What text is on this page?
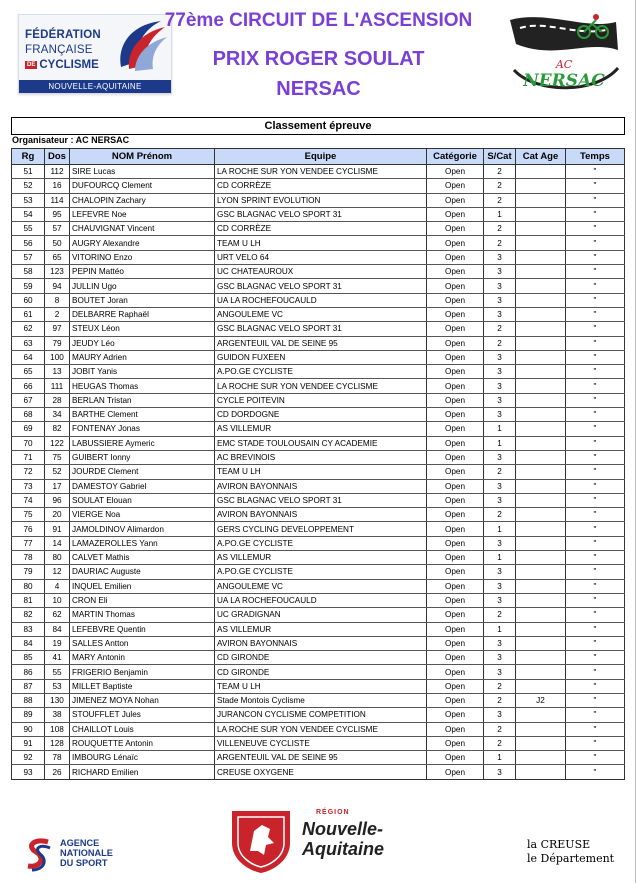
FÉDÉRATION
FRANÇAISE
DE CYCLISME
NOUVELLE-AQUITAINE
77ème CIRCUIT DE L'ASCENSION
PRIX ROGER SOULAT
NERSAC
AC
NERSAC
Classement épreuve
Organisateur : AC NERSAC
Rg	Dos	NOM Prénom	Equipe	Catégorie	S/Cat	Cat Age	Temps
51	112	SIRE Lucas	LA ROCHE SUR YON VENDEE CYCLISME	Open	2		"
52	16	DUFOURCQ Clement	CD CORRÈZE	Open	2		"
53	114	CHALOPIN Zachary	LYON SPRINT EVOLUTION	Open	2		"
54	95	LEFEVRE Noe	GSC BLAGNAC VELO SPORT 31	Open	1		"
55	57	CHAUVIGNAT Vincent	CD CORRÈZE	Open	2		"
56	50	AUGRY Alexandre	TEAM U LH	Open	2		"
57	65	VITORINO Enzo	URT VELO 64	Open	3		"
58	123	PEPIN Mattéo	UC CHATEAUROUX	Open	3		"
59	94	JULLIN Ugo	GSC BLAGNAC VELO SPORT 31	Open	3		"
60	8	BOUTET Joran	UA LA ROCHEFOUCAULD	Open	3		"
61	2	DELBARRE Raphaël	ANGOULEME VC	Open	3		"
62	97	STEUX Léon	GSC BLAGNAC VELO SPORT 31	Open	2		"
63	79	JEUDY Léo	ARGENTEUIL VAL DE SEINE 95	Open	2		"
64	100	MAURY Adrien	GUIDON FUXEEN	Open	3		"
65	13	JOBIT Yanis	A.PO.GE CYCLISTE	Open	3		"
66	111	HEUGAS Thomas	LA ROCHE SUR YON VENDEE CYCLISME	Open	3		"
67	28	BERLAN Tristan	CYCLE POITEVIN	Open	3		"
68	34	BARTHE Clement	CD DORDOGNE	Open	3		"
69	82	FONTENAY Jonas	AS VILLEMUR	Open	1		"
70	122	LABUSSIERE Aymeric	EMC STADE TOULOUSAIN CY ACADEMIE	Open	1		"
71	75	GUIBERT Ionny	AC BREVINOIS	Open	3		"
72	52	JOURDE Clement	TEAM U LH	Open	2		"
73	17	DAMESTOY Gabriel	AVIRON BAYONNAIS	Open	3		"
74	96	SOULAT Elouan	GSC BLAGNAC VELO SPORT 31	Open	3		"
75	20	VIERGE Noa	AVIRON BAYONNAIS	Open	2		"
76	91	JAMOLDINOV Alimardon	GERS CYCLING DEVELOPPEMENT	Open	1		"
77	14	LAMAZEROLLES Yann	A.PO.GE CYCLISTE	Open	3		"
78	80	CALVET Mathis	AS VILLEMUR	Open	1		"
79	12	DAURIAC Auguste	A.PO.GE CYCLISTE	Open	3		"
80	4	INQUEL Emilien	ANGOULEME VC	Open	3		"
81	10	CRON Eli	UA LA ROCHEFOUCAULD	Open	3		"
82	62	MARTIN Thomas	UC GRADIGNAN	Open	2		"
83	84	LEFEBVRE Quentin	AS VILLEMUR	Open	1		"
84	19	SALLES Antton	AVIRON BAYONNAIS	Open	3		"
85	41	MARY Antonin	CD GIRONDE	Open	3		"
86	55	FRIGERIO Benjamin	CD GIRONDE	Open	3		"
87	53	MILLET Baptiste	TEAM U LH	Open	2		"
88	130	JIMENEZ MOYA Nohan	Stade Montois Cyclisme	Open	2	J2	"
89	38	STOUFFLET Jules	JURANCON CYCLISME COMPETITION	Open	3		"
90	108	CHAILLOT Louis	LA ROCHE SUR YON VENDEE CYCLISME	Open	2		"
91	128	ROUQUETTE Antonin	VILLENEUVE CYCLISTE	Open	2		"
92	78	IMBOURG Lénaïc	ARGENTEUIL VAL DE SEINE 95	Open	1		"
93	26	RICHARD Emilien	CREUSE OXYGENE	Open	3		"
AGENCE
NATIONALE
DU SPORT
RÉGION
Nouvelle-
Aquitaine	la CREUSE
le Département
